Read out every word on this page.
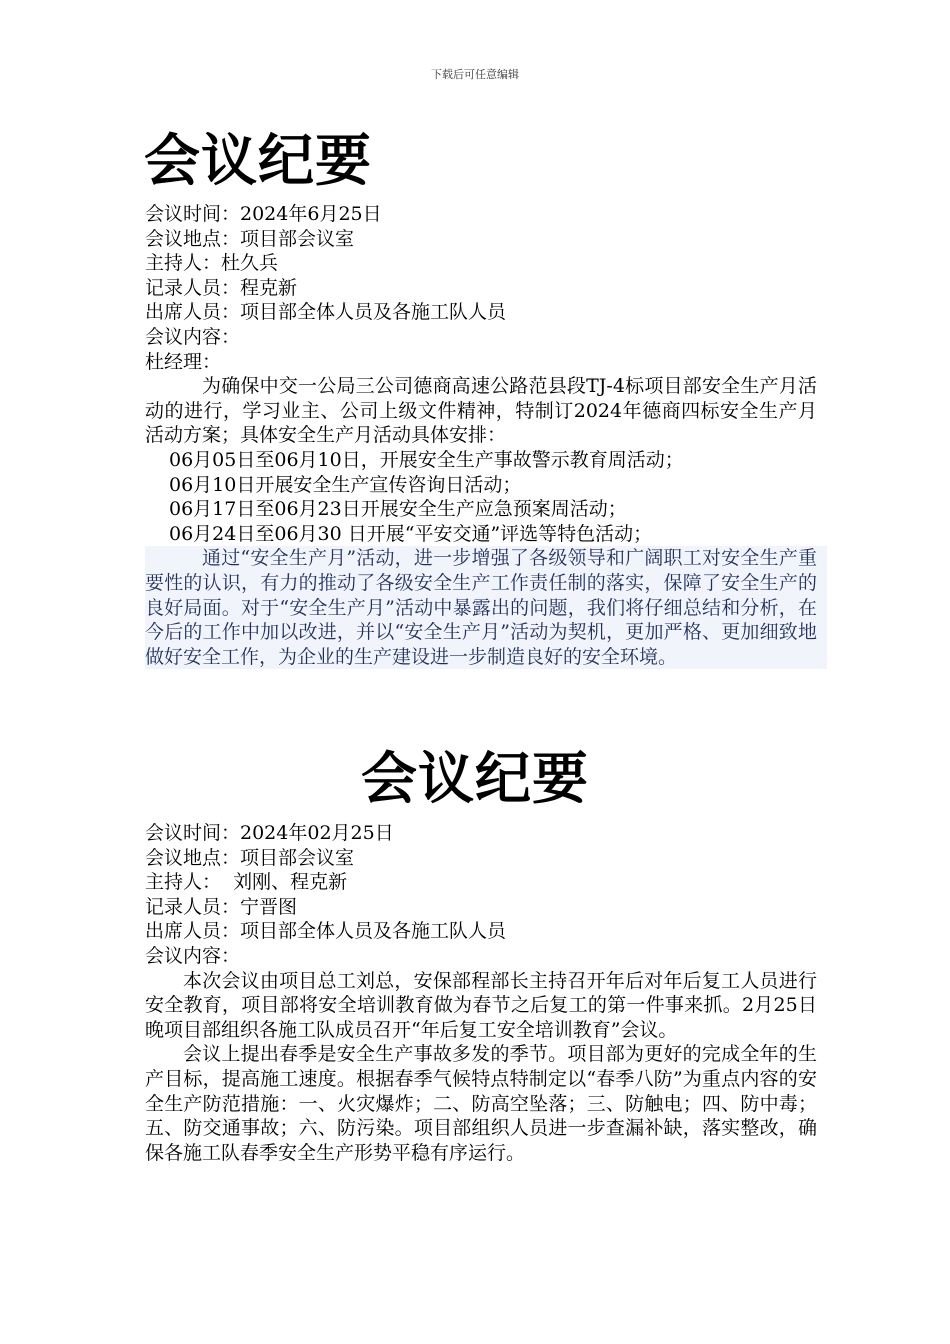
下载后可任意编辑
会议纪要
会议时间：2024年6月25日
会议地点：项目部会议室
主持人：杜久兵
记录人员：程克新
出席人员：项目部全体人员及各施工队人员
会议内容：
杜经理：
为确保中交一公局三公司德商高速公路范县段TJ-4标项目部安全生产月活动的进行，学习业主、公司上级文件精神，特制订2024年德商四标安全生产月活动方案；具体安全生产月活动具体安排：
06月05日至06月10日，开展安全生产事故警示教育周活动；
06月10日开展安全生产宣传咨询日活动；
06月17日至06月23日开展安全生产应急预案周活动；
06月24日至06月30 日开展“平安交通”评选等特色活动；
通过“安全生产月”活动，进一步增强了各级领导和广阔职工对安全生产重要性的认识，有力的推动了各级安全生产工作责任制的落实，保障了安全生产的良好局面。对于“安全生产月”活动中暴露出的问题，我们将仔细总结和分析，在今后的工作中加以改进，并以“安全生产月”活动为契机，更加严格、更加细致地做好安全工作，为企业的生产建设进一步制造良好的安全环境。
会议纪要
会议时间：2024年02月25日
会议地点：项目部会议室
主持人：  刘刚、程克新
记录人员：宁晋图
出席人员：项目部全体人员及各施工队人员
会议内容：
本次会议由项目总工刘总，安保部程部长主持召开年后对年后复工人员进行安全教育，项目部将安全培训教育做为春节之后复工的第一件事来抓。2月25日晚项目部组织各施工队成员召开“年后复工安全培训教育”会议。
会议上提出春季是安全生产事故多发的季节。项目部为更好的完成全年的生产目标，提高施工速度。根据春季气候特点特制定以“春季八防”为重点内容的安全生产防范措施：一、火灾爆炸；二、防高空坠落；三、防触电；四、防中毒；五、防交通事故；六、防污染。项目部组织人员进一步查漏补缺，落实整改，确保各施工队春季安全生产形势平稳有序运行。
